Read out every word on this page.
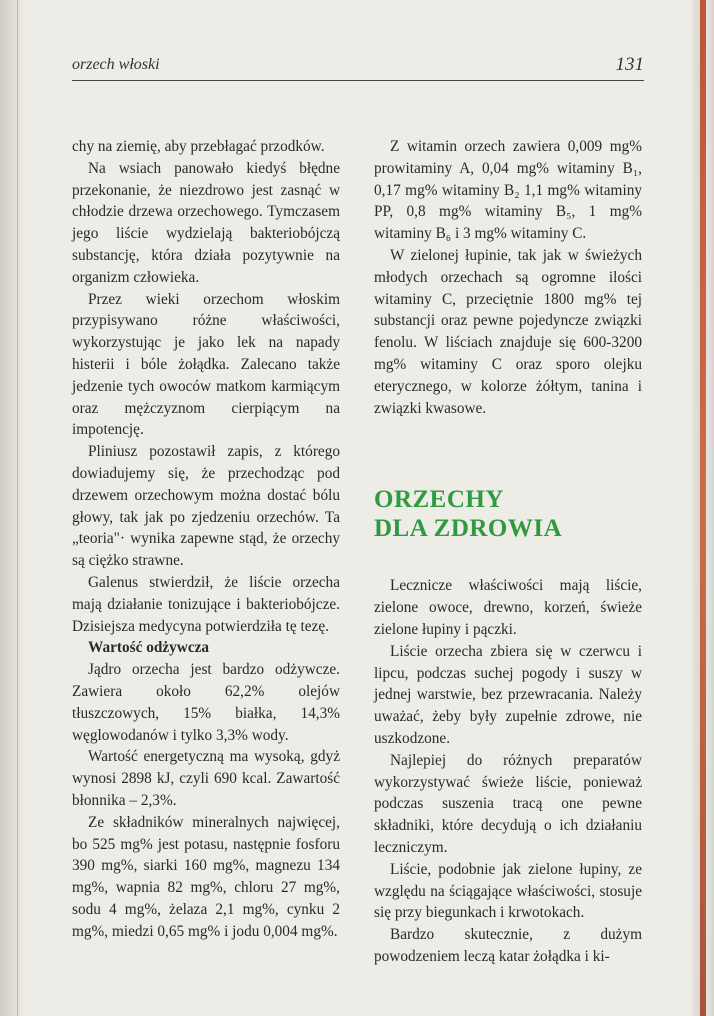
orzech włoski	131

chy na ziemię, aby przebłagać przodków.

Na wsiach panowało kiedyś błędne przekonanie, że niezdrowo jest zasnąć w chłodzie drzewa orzechowego. Tymczasem jego liście wydzielają bakteriobójczą substancję, która działa pozytywnie na organizm człowieka.

Przez wieki orzechom włoskim przypisywano różne właściwości, wykorzystując je jako lek na napady histerii i bóle żołądka. Zalecano także jedzenie tych owoców matkom karmiącym oraz mężczyznom cierpiącym na impotencję.

Pliniusz pozostawił zapis, z którego dowiadujemy się, że przechodząc pod drzewem orzechowym można dostać bólu głowy, tak jak po zjedzeniu orzechów. Ta „teoria"· wynika zapewne stąd, że orzechy są ciężko strawne.

Galenus stwierdził, że liście orzecha mają działanie tonizujące i bakteriobójcze. Dzisiejsza medycyna potwierdziła tę tezę.

Wartość odżywcza

Jądro orzecha jest bardzo odżywcze. Zawiera około 62,2% olejów tłuszczowych, 15% białka, 14,3% węglowodanów i tylko 3,3% wody.

Wartość energetyczną ma wysoką, gdyż wynosi 2898 kJ, czyli 690 kcal. Zawartość błonnika – 2,3%.

Ze składników mineralnych najwięcej, bo 525 mg% jest potasu, następnie fosforu 390 mg%, siarki 160 mg%, magnezu 134 mg%, wapnia 82 mg%, chloru 27 mg%, sodu 4 mg%, żelaza 2,1 mg%, cynku 2 mg%, miedzi 0,65 mg% i jodu 0,004 mg%.

Z witamin orzech zawiera 0,009 mg% prowitaminy A, 0,04 mg% witaminy B₁, 0,17 mg% witaminy B₂ 1,1 mg% witaminy PP, 0,8 mg% witaminy B₅, 1 mg% witaminy B₆ i 3 mg% witaminy C.

W zielonej łupinie, tak jak w świeżych młodych orzechach są ogromne ilości witaminy C, przeciętnie 1800 mg% tej substancji oraz pewne pojedyncze związki fenolu. W liściach znajduje się 600-3200 mg% witaminy C oraz sporo olejku eterycznego, w kolorze żółtym, tanina i związki kwasowe.

ORZECHY
DLA ZDROWIA

Lecznicze właściwości mają liście, zielone owoce, drewno, korzeń, świeże zielone łupiny i pączki.

Liście orzecha zbiera się w czerwcu i lipcu, podczas suchej pogody i suszy w jednej warstwie, bez przewracania. Należy uważać, żeby były zupełnie zdrowe, nie uszkodzone.

Najlepiej do różnych preparatów wykorzystywać świeże liście, ponieważ podczas suszenia tracą one pewne składniki, które decydują o ich działaniu leczniczym.

Liście, podobnie jak zielone łupiny, ze względu na ściągające właściwości, stosuje się przy biegunkach i krwotokach.

Bardzo skutecznie, z dużym powodzeniem leczą katar żołądka i ki-
